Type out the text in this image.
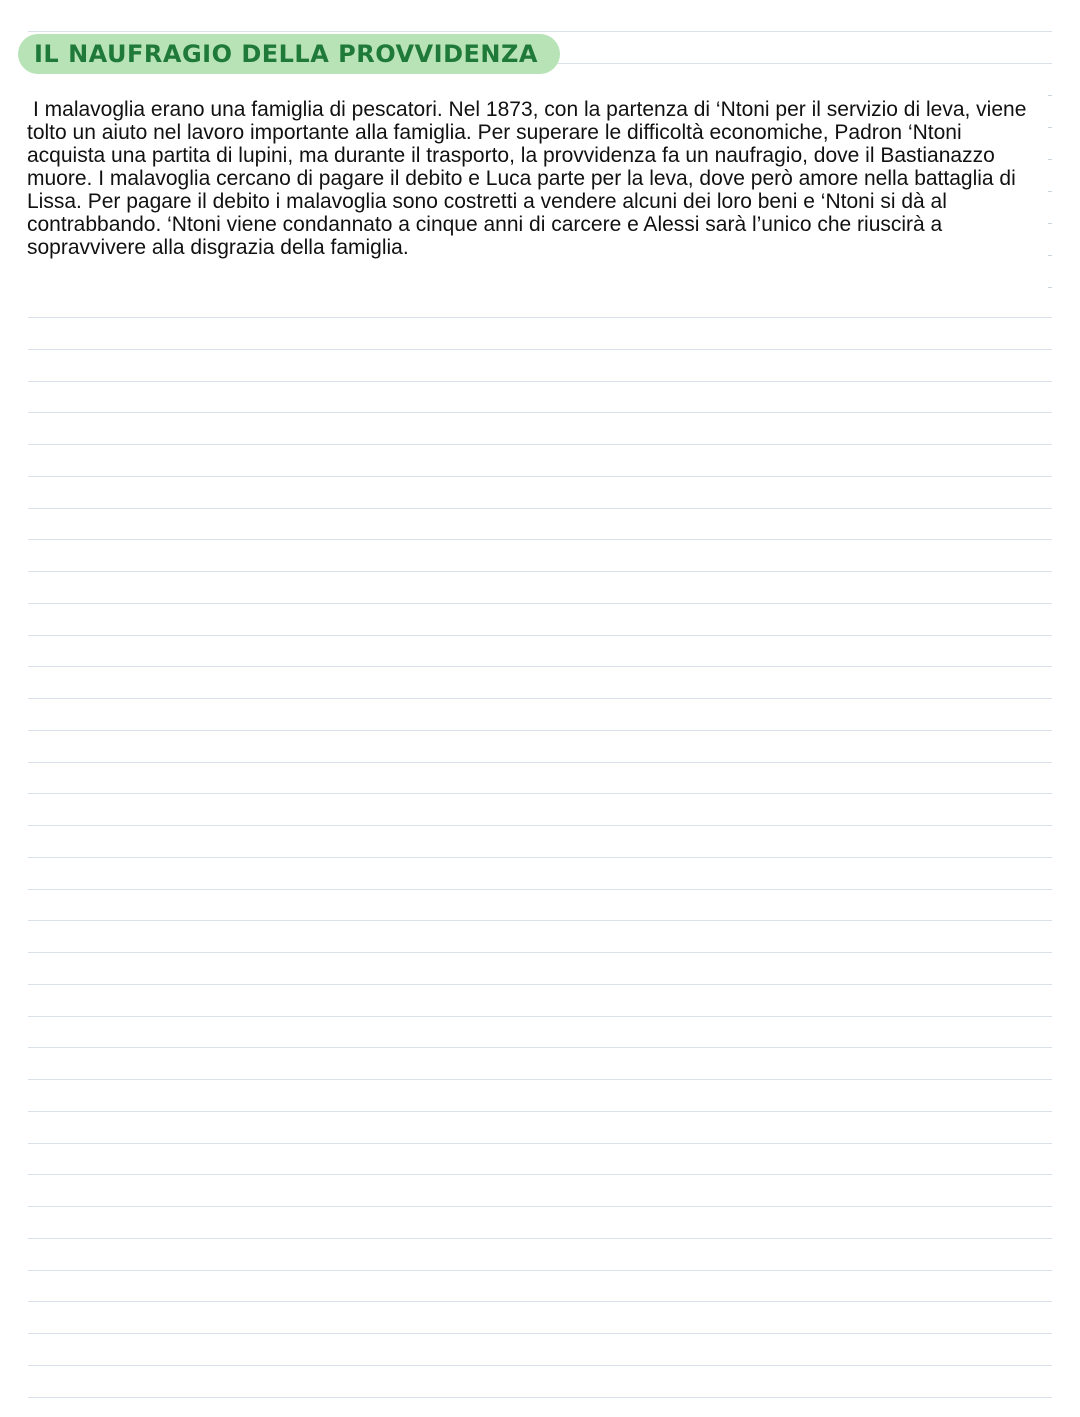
IL NAUFRAGIO DELLA PROVVIDENZA

I malavoglia erano una famiglia di pescatori. Nel 1873, con la partenza di ‘Ntoni per il servizio di leva, viene tolto un aiuto nel lavoro importante alla famiglia. Per superare le difficoltà economiche, Padron ‘Ntoni acquista una partita di lupini, ma durante il trasporto, la provvidenza fa un naufragio, dove il Bastianazzo muore. I malavoglia cercano di pagare il debito e Luca parte per la leva, dove però amore nella battaglia di Lissa. Per pagare il debito i malavoglia sono costretti a vendere alcuni dei loro beni e ‘Ntoni si dà al contrabbando. ‘Ntoni viene condannato a cinque anni di carcere e Alessi sarà l’unico che riuscirà a sopravvivere alla disgrazia della famiglia.
